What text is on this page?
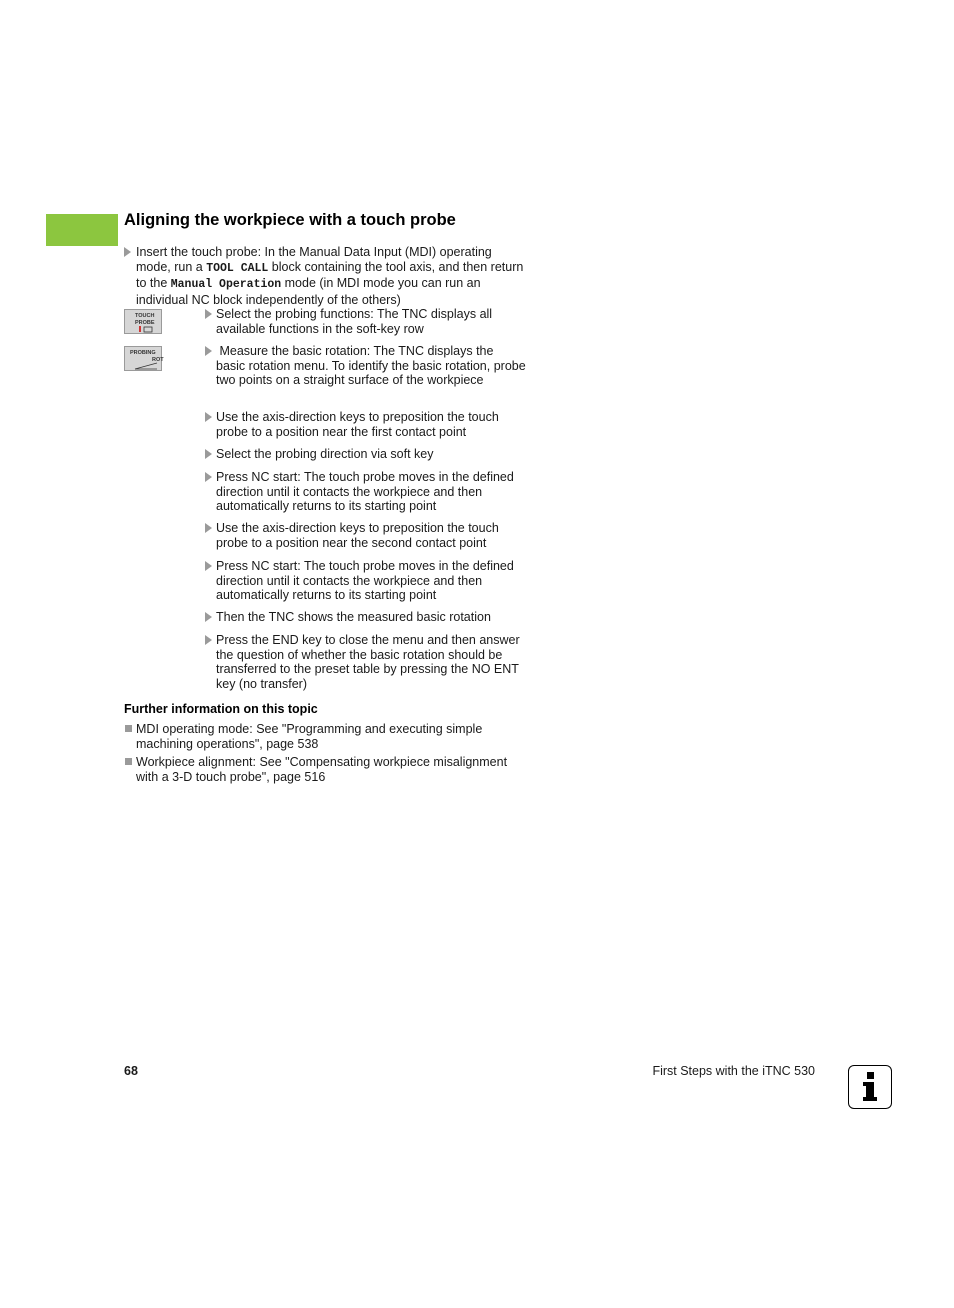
Aligning the workpiece with a touch probe
Insert the touch probe: In the Manual Data Input (MDI) operating mode, run a TOOL CALL block containing the tool axis, and then return to the Manual Operation mode (in MDI mode you can run an individual NC block independently of the others)
TOUCH
PROBE
PROBING
ROT
Select the probing functions: The TNC displays all available functions in the soft-key row
Measure the basic rotation: The TNC displays the basic rotation menu. To identify the basic rotation, probe two points on a straight surface of the workpiece
Use the axis-direction keys to preposition the touch probe to a position near the first contact point
Select the probing direction via soft key
Press NC start: The touch probe moves in the defined direction until it contacts the workpiece and then automatically returns to its starting point
Use the axis-direction keys to preposition the touch probe to a position near the second contact point
Press NC start: The touch probe moves in the defined direction until it contacts the workpiece and then automatically returns to its starting point
Then the TNC shows the measured basic rotation
Press the END key to close the menu and then answer the question of whether the basic rotation should be transferred to the preset table by pressing the NO ENT key (no transfer)
Further information on this topic
MDI operating mode: See "Programming and executing simple machining operations", page 538
Workpiece alignment: See "Compensating workpiece misalignment with a 3-D touch probe", page 516
68	First Steps with the iTNC 530
